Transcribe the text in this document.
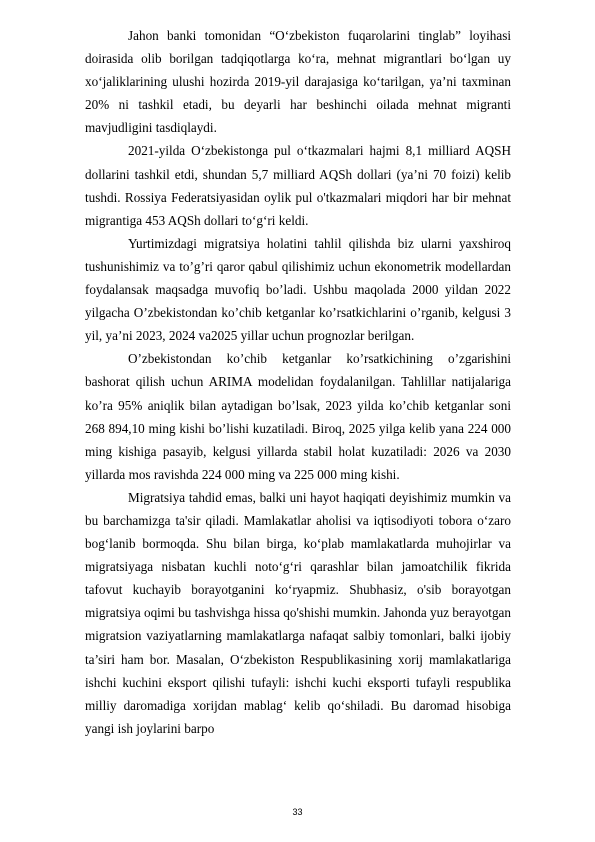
Jahon banki tomonidan “O‘zbekiston fuqarolarini tinglab” loyihasi doirasida olib borilgan tadqiqotlarga ko‘ra, mehnat migrantlari bo‘lgan uy xo‘jaliklarining ulushi hozirda 2019-yil darajasiga ko‘tarilgan, ya’ni taxminan 20% ni tashkil etadi, bu deyarli har beshinchi oilada mehnat migranti mavjudligini tasdiqlaydi.

2021-yilda O‘zbekistonga pul o‘tkazmalari hajmi 8,1 milliard AQSH dollarini tashkil etdi, shundan 5,7 milliard AQSh dollari (ya’ni 70 foizi) kelib tushdi. Rossiya Federatsiyasidan oylik pul o'tkazmalari miqdori har bir mehnat migrantiga 453 AQSh dollari to‘g‘ri keldi.

Yurtimizdagi migratsiya holatini tahlil qilishda biz ularni yaxshiroq tushunishimiz va to’g’ri qaror qabul qilishimiz uchun ekonometrik modellardan foydalansak maqsadga muvofiq bo’ladi. Ushbu maqolada 2000 yildan 2022 yilgacha O’zbekistondan ko’chib ketganlar ko’rsatkichlarini o’rganib, kelgusi 3 yil, ya’ni 2023, 2024 va2025 yillar uchun prognozlar berilgan.

O’zbekistondan ko’chib ketganlar ko’rsatkichining o’zgarishini bashorat qilish uchun ARIMA modelidan foydalanilgan. Tahlillar natijalariga ko’ra 95% aniqlik bilan aytadigan bo’lsak, 2023 yilda ko’chib ketganlar soni 268 894,10 ming kishi bo’lishi kuzatiladi. Biroq, 2025 yilga kelib yana 224 000 ming kishiga pasayib, kelgusi yillarda stabil holat kuzatiladi: 2026 va 2030 yillarda mos ravishda 224 000 ming va 225 000 ming kishi.

Migratsiya tahdid emas, balki uni hayot haqiqati deyishimiz mumkin va bu barchamizga ta'sir qiladi. Mamlakatlar aholisi va iqtisodiyoti tobora o‘zaro bog‘lanib bormoqda. Shu bilan birga, ko‘plab mamlakatlarda muhojirlar va migratsiyaga nisbatan kuchli noto‘g‘ri qarashlar bilan jamoatchilik fikrida tafovut kuchayib borayotganini ko‘ryapmiz. Shubhasiz, o'sib borayotgan migratsiya oqimi bu tashvishga hissa qo'shishi mumkin. Jahonda yuz berayotgan migratsion vaziyatlarning mamlakatlarga nafaqat salbiy tomonlari, balki ijobiy ta’siri ham bor. Masalan, O‘zbekiston Respublikasining xorij mamlakatlariga ishchi kuchini eksport qilishi tufayli: ishchi kuchi eksporti tufayli respublika milliy daromadiga xorijdan mablag‘ kelib qo‘shiladi. Bu daromad hisobiga yangi ish joylarini barpo

33
